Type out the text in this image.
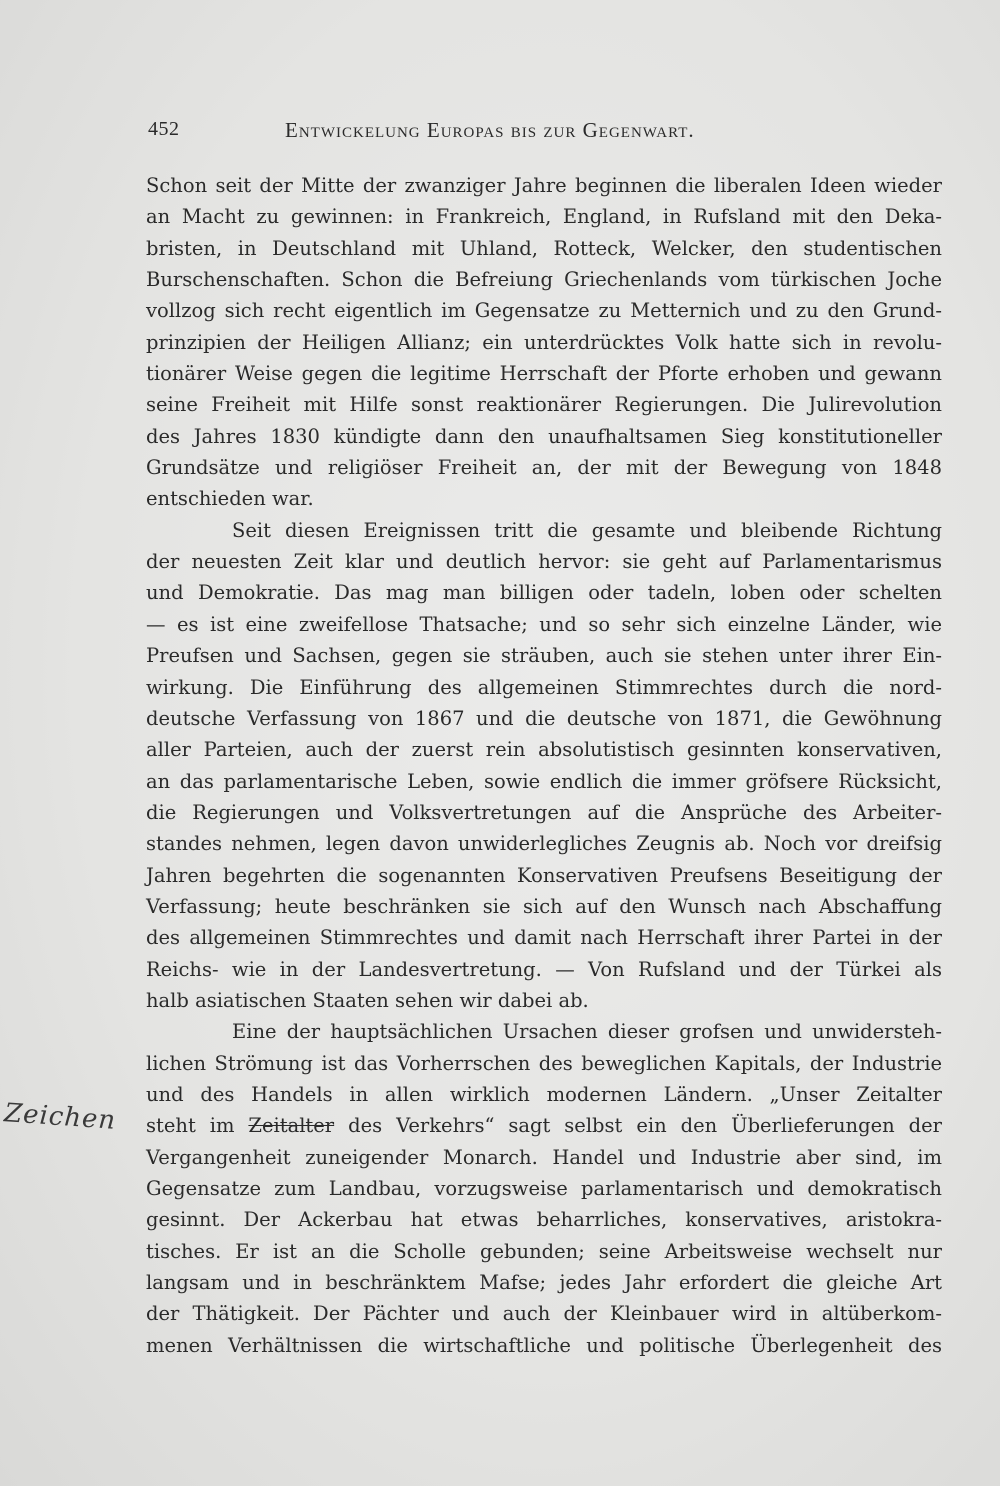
452	Entwickelung Europas bis zur Gegenwart.
Zeichen
Schon seit der Mitte der zwanziger Jahre beginnen die liberalen Ideen wieder
an Macht zu gewinnen: in Frankreich, England, in Rufsland mit den Deka-
bristen, in Deutschland mit Uhland, Rotteck, Welcker, den studentischen
Burschenschaften. Schon die Befreiung Griechenlands vom türkischen Joche
vollzog sich recht eigentlich im Gegensatze zu Metternich und zu den Grund-
prinzipien der Heiligen Allianz; ein unterdrücktes Volk hatte sich in revolu-
tionärer Weise gegen die legitime Herrschaft der Pforte erhoben und gewann
seine Freiheit mit Hilfe sonst reaktionärer Regierungen. Die Julirevolution
des Jahres 1830 kündigte dann den unaufhaltsamen Sieg konstitutioneller
Grundsätze und religiöser Freiheit an, der mit der Bewegung von 1848
entschieden war.
Seit diesen Ereignissen tritt die gesamte und bleibende Richtung
der neuesten Zeit klar und deutlich hervor: sie geht auf Parlamentarismus
und Demokratie. Das mag man billigen oder tadeln, loben oder schelten
— es ist eine zweifellose Thatsache; und so sehr sich einzelne Länder, wie
Preufsen und Sachsen, gegen sie sträuben, auch sie stehen unter ihrer Ein-
wirkung. Die Einführung des allgemeinen Stimmrechtes durch die nord-
deutsche Verfassung von 1867 und die deutsche von 1871, die Gewöhnung
aller Parteien, auch der zuerst rein absolutistisch gesinnten konservativen,
an das parlamentarische Leben, sowie endlich die immer gröfsere Rücksicht,
die Regierungen und Volksvertretungen auf die Ansprüche des Arbeiter-
standes nehmen, legen davon unwiderlegliches Zeugnis ab. Noch vor dreifsig
Jahren begehrten die sogenannten Konservativen Preufsens Beseitigung der
Verfassung; heute beschränken sie sich auf den Wunsch nach Abschaffung
des allgemeinen Stimmrechtes und damit nach Herrschaft ihrer Partei in der
Reichs- wie in der Landesvertretung. — Von Rufsland und der Türkei als
halb asiatischen Staaten sehen wir dabei ab.
Eine der hauptsächlichen Ursachen dieser grofsen und unwidersteh-
lichen Strömung ist das Vorherrschen des beweglichen Kapitals, der Industrie
und des Handels in allen wirklich modernen Ländern. „Unser Zeitalter
steht im Zeitalter des Verkehrs“ sagt selbst ein den Überlieferungen der
Vergangenheit zuneigender Monarch. Handel und Industrie aber sind, im
Gegensatze zum Landbau, vorzugsweise parlamentarisch und demokratisch
gesinnt. Der Ackerbau hat etwas beharrliches, konservatives, aristokra-
tisches. Er ist an die Scholle gebunden; seine Arbeitsweise wechselt nur
langsam und in beschränktem Mafse; jedes Jahr erfordert die gleiche Art
der Thätigkeit. Der Pächter und auch der Kleinbauer wird in altüberkom-
menen Verhältnissen die wirtschaftliche und politische Überlegenheit des
